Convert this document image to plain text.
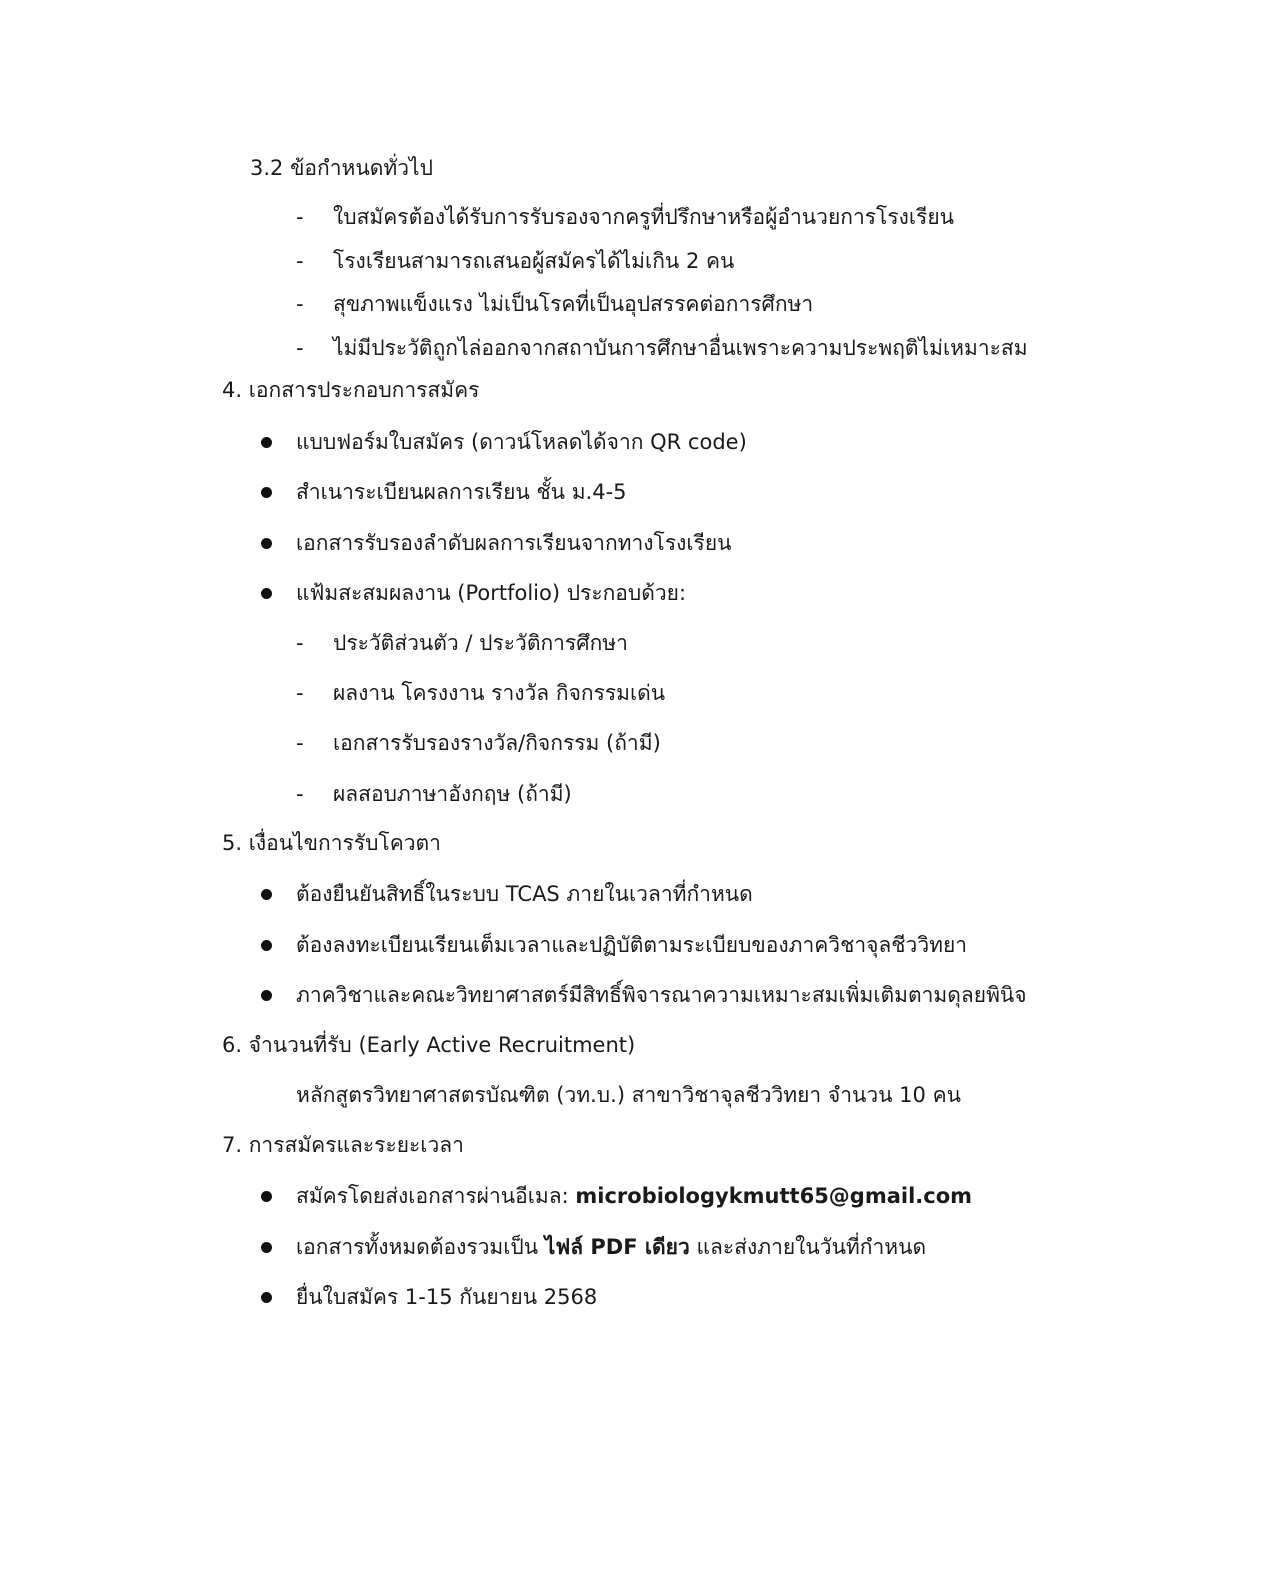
3.2 ข้อกำหนดทั่วไป
- ใบสมัครต้องได้รับการรับรองจากครูที่ปรึกษาหรือผู้อำนวยการโรงเรียน
- โรงเรียนสามารถเสนอผู้สมัครได้ไม่เกิน 2 คน
- สุขภาพแข็งแรง ไม่เป็นโรคที่เป็นอุปสรรคต่อการศึกษา
- ไม่มีประวัติถูกไล่ออกจากสถาบันการศึกษาอื่นเพราะความประพฤติไม่เหมาะสม
4. เอกสารประกอบการสมัคร
แบบฟอร์มใบสมัคร (ดาวน์โหลดได้จาก QR code)
สำเนาระเบียนผลการเรียน ชั้น ม.4-5
เอกสารรับรองลำดับผลการเรียนจากทางโรงเรียน
แฟ้มสะสมผลงาน (Portfolio) ประกอบด้วย:
- ประวัติส่วนตัว / ประวัติการศึกษา
- ผลงาน โครงงาน รางวัล กิจกรรมเด่น
- เอกสารรับรองรางวัล/กิจกรรม (ถ้ามี)
- ผลสอบภาษาอังกฤษ (ถ้ามี)
5. เงื่อนไขการรับโควตา
ต้องยืนยันสิทธิ์ในระบบ TCAS ภายในเวลาที่กำหนด
ต้องลงทะเบียนเรียนเต็มเวลาและปฏิบัติตามระเบียบของภาควิชาจุลชีววิทยา
ภาควิชาและคณะวิทยาศาสตร์มีสิทธิ์พิจารณาความเหมาะสมเพิ่มเติมตามดุลยพินิจ
6. จำนวนที่รับ (Early Active Recruitment)
หลักสูตรวิทยาศาสตรบัณฑิต (วท.บ.) สาขาวิชาจุลชีววิทยา จำนวน 10 คน
7. การสมัครและระยะเวลา
สมัครโดยส่งเอกสารผ่านอีเมล: microbiologykmutt65@gmail.com
เอกสารทั้งหมดต้องรวมเป็น ไฟล์ PDF เดียว และส่งภายในวันที่กำหนด
ยื่นใบสมัคร 1-15 กันยายน 2568
